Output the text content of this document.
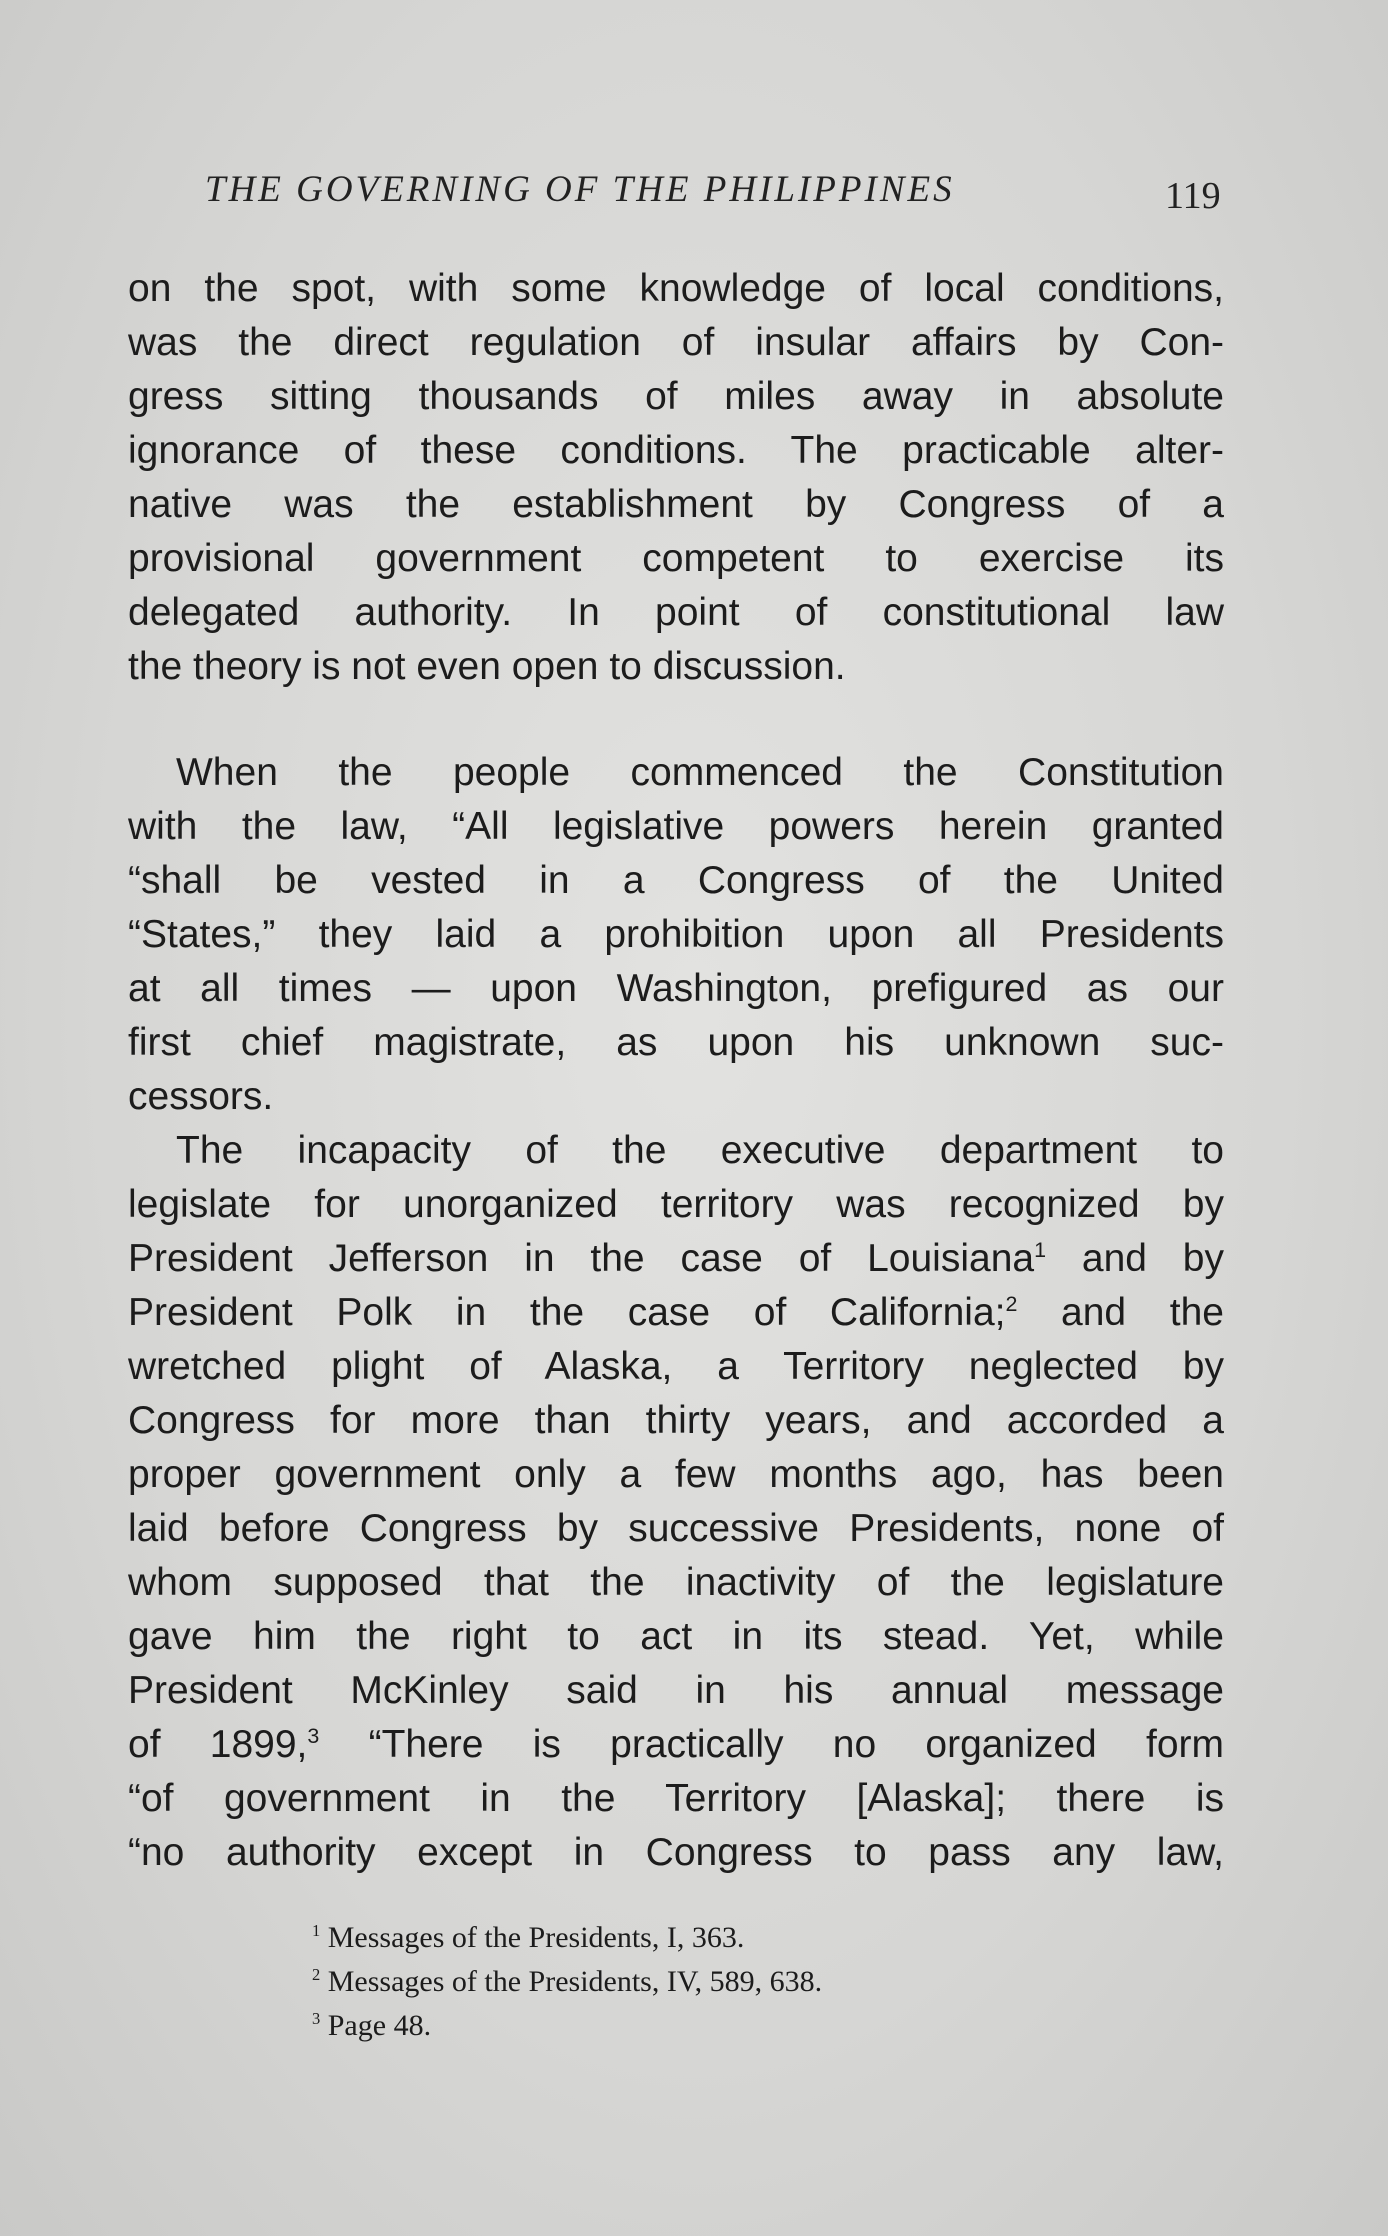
THE GOVERNING OF THE PHILIPPINES	119
on the spot, with some knowledge of local conditions,
was the direct regulation of insular affairs by Con-
gress sitting thousands of miles away in absolute
ignorance of these conditions. The practicable alter-
native was the establishment by Congress of a
provisional government competent to exercise its
delegated authority. In point of constitutional law
the theory is not even open to discussion.
When the people commenced the Constitution
with the law, “All legislative powers herein granted
“shall be vested in a Congress of the United
“States,” they laid a prohibition upon all Presidents
at all times — upon Washington, prefigured as our
first chief magistrate, as upon his unknown suc-
cessors.
The incapacity of the executive department to
legislate for unorganized territory was recognized by
President Jefferson in the case of Louisiana$^1$ and by
President Polk in the case of California;$^2$ and the
wretched plight of Alaska, a Territory neglected by
Congress for more than thirty years, and accorded a
proper government only a few months ago, has been
laid before Congress by successive Presidents, none of
whom supposed that the inactivity of the legislature
gave him the right to act in its stead. Yet, while
President McKinley said in his annual message
of 1899,$^3$ “There is practically no organized form
“of government in the Territory [Alaska]; there is
“no authority except in Congress to pass any law,
$^1$ Messages of the Presidents, I, 363.
$^2$ Messages of the Presidents, IV, 589, 638.
$^3$ Page 48.
